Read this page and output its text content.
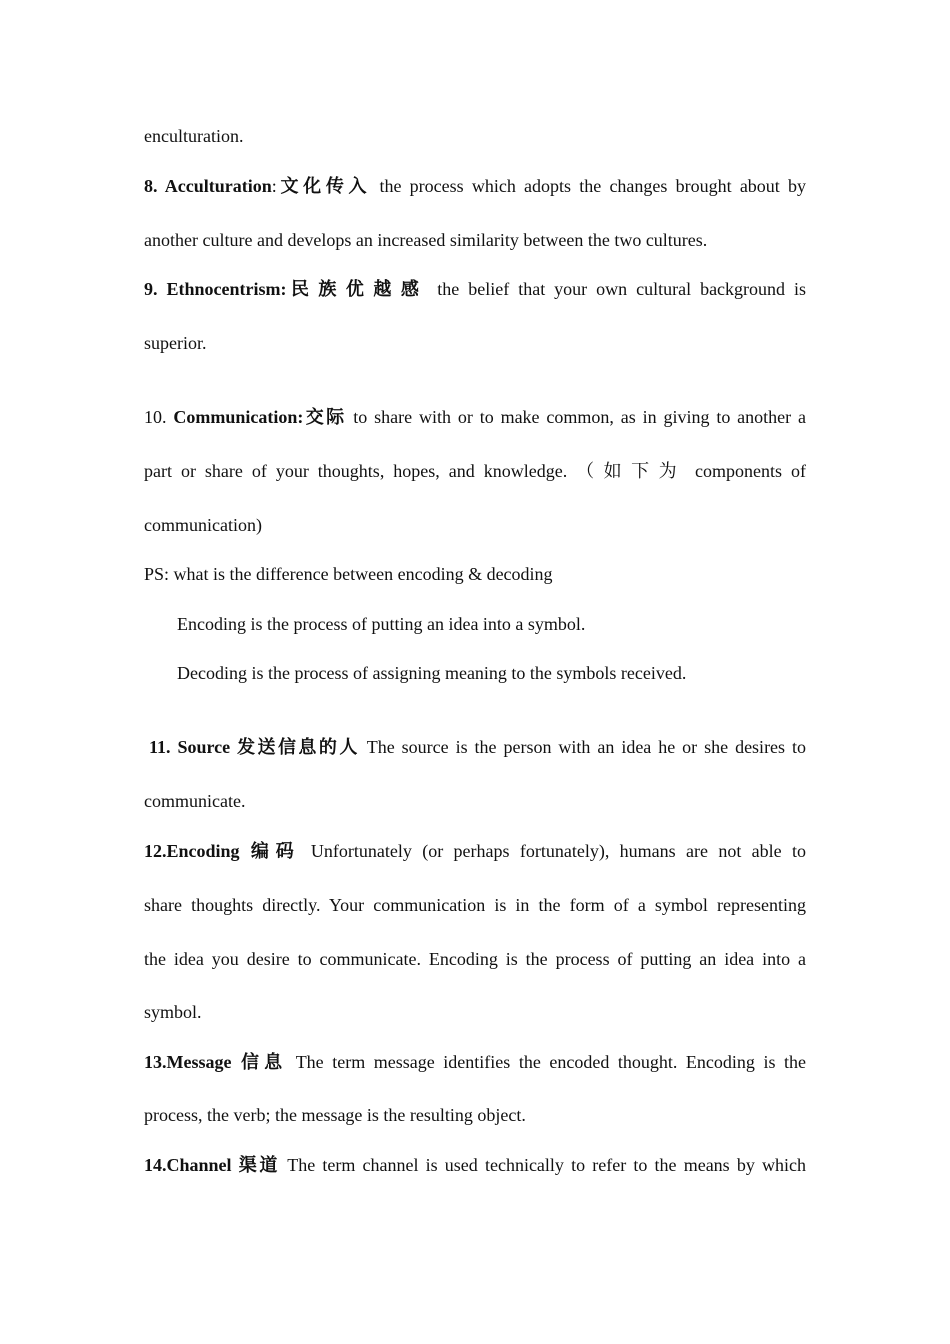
enculturation.
8. Acculturation:文化传入 the process which adopts the changes brought about by
another culture and develops an increased similarity between the two cultures.
9. Ethnocentrism:民族优越感 the belief that your own cultural background is
superior.
10. Communication:交际 to share with or to make common, as in giving to another a
part or share of your thoughts, hopes, and knowledge. （如下为 components of
communication)
PS: what is the difference between encoding & decoding
Encoding is the process of putting an idea into a symbol.
Decoding is the process of assigning meaning to the symbols received.
11. Source 发送信息的人 The source is the person with an idea he or she desires to
communicate.
12.Encoding 编码 Unfortunately (or perhaps fortunately), humans are not able to
share thoughts directly. Your communication is in the form of a symbol representing
the idea you desire to communicate. Encoding is the process of putting an idea into a
symbol.
13.Message 信息 The term message identifies the encoded thought. Encoding is the
process, the verb; the message is the resulting object.
14.Channel 渠道 The term channel is used technically to refer to the means by which
